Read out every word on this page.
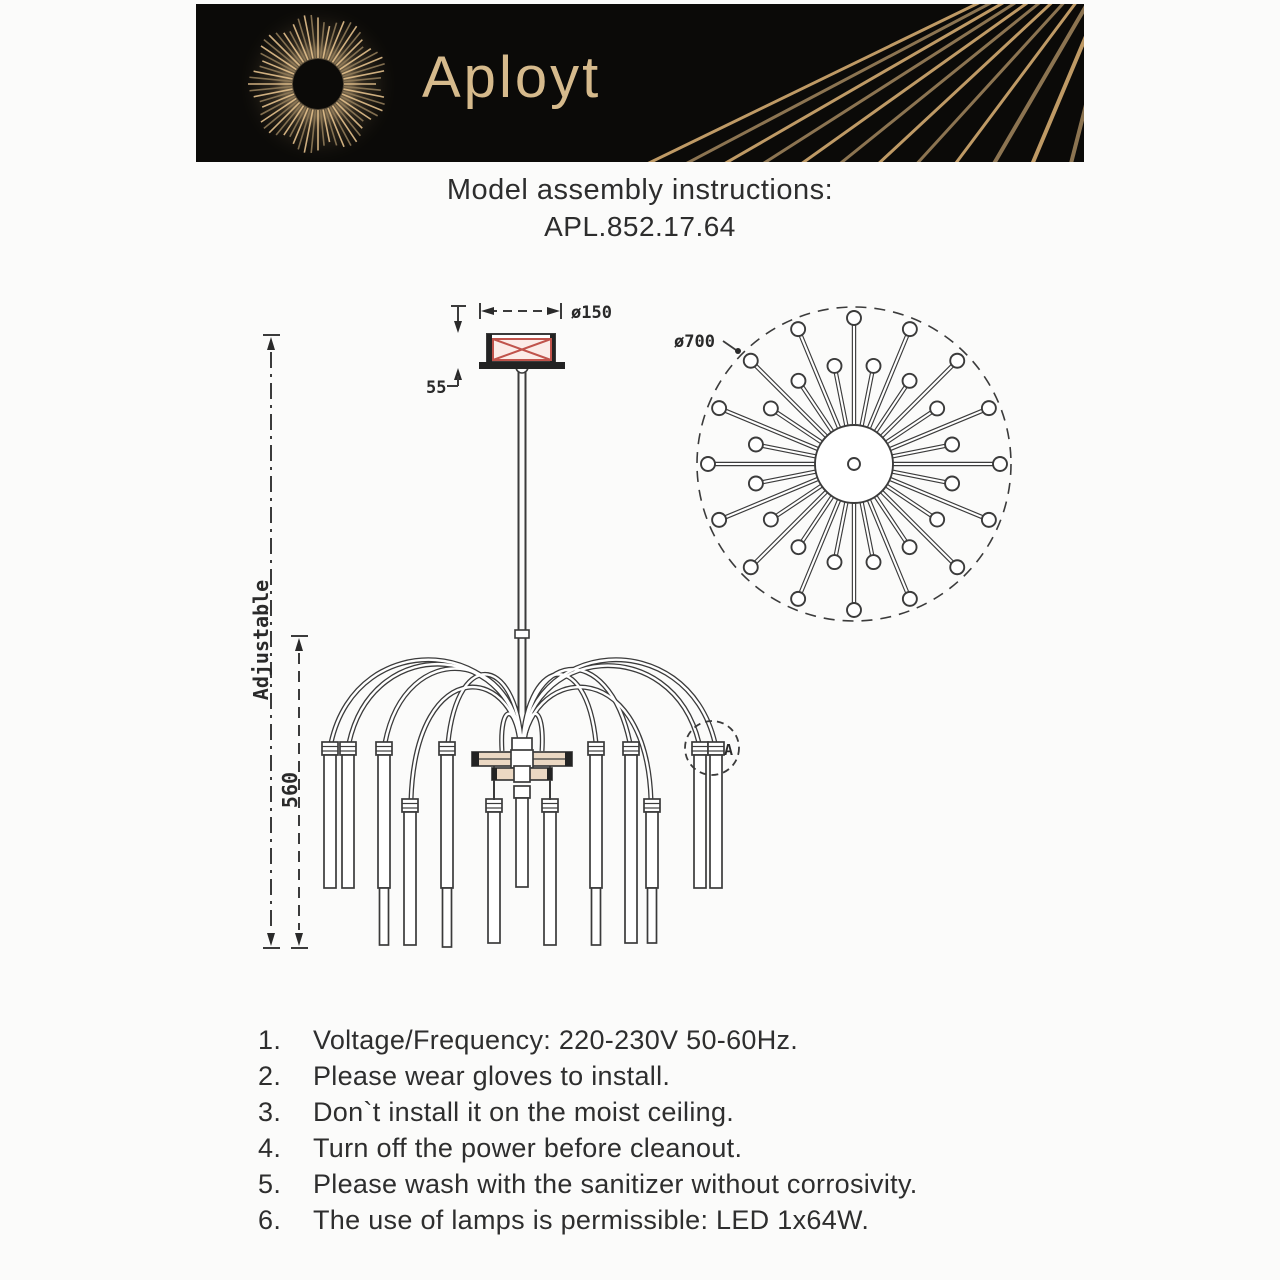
Aployt
Model assembly instructions:
APL.852.17.64
A
ø150
55
Adjustable
560
ø700
1.	Voltage/Frequency: 220-230V 50-60Hz.
2.	Please wear gloves to install.
3.	Don`t install it on the moist ceiling.
4.	Turn off the power before cleanout.
5.	Please wash with the sanitizer without corrosivity.
6.	The use of lamps is permissible: LED 1x64W.
